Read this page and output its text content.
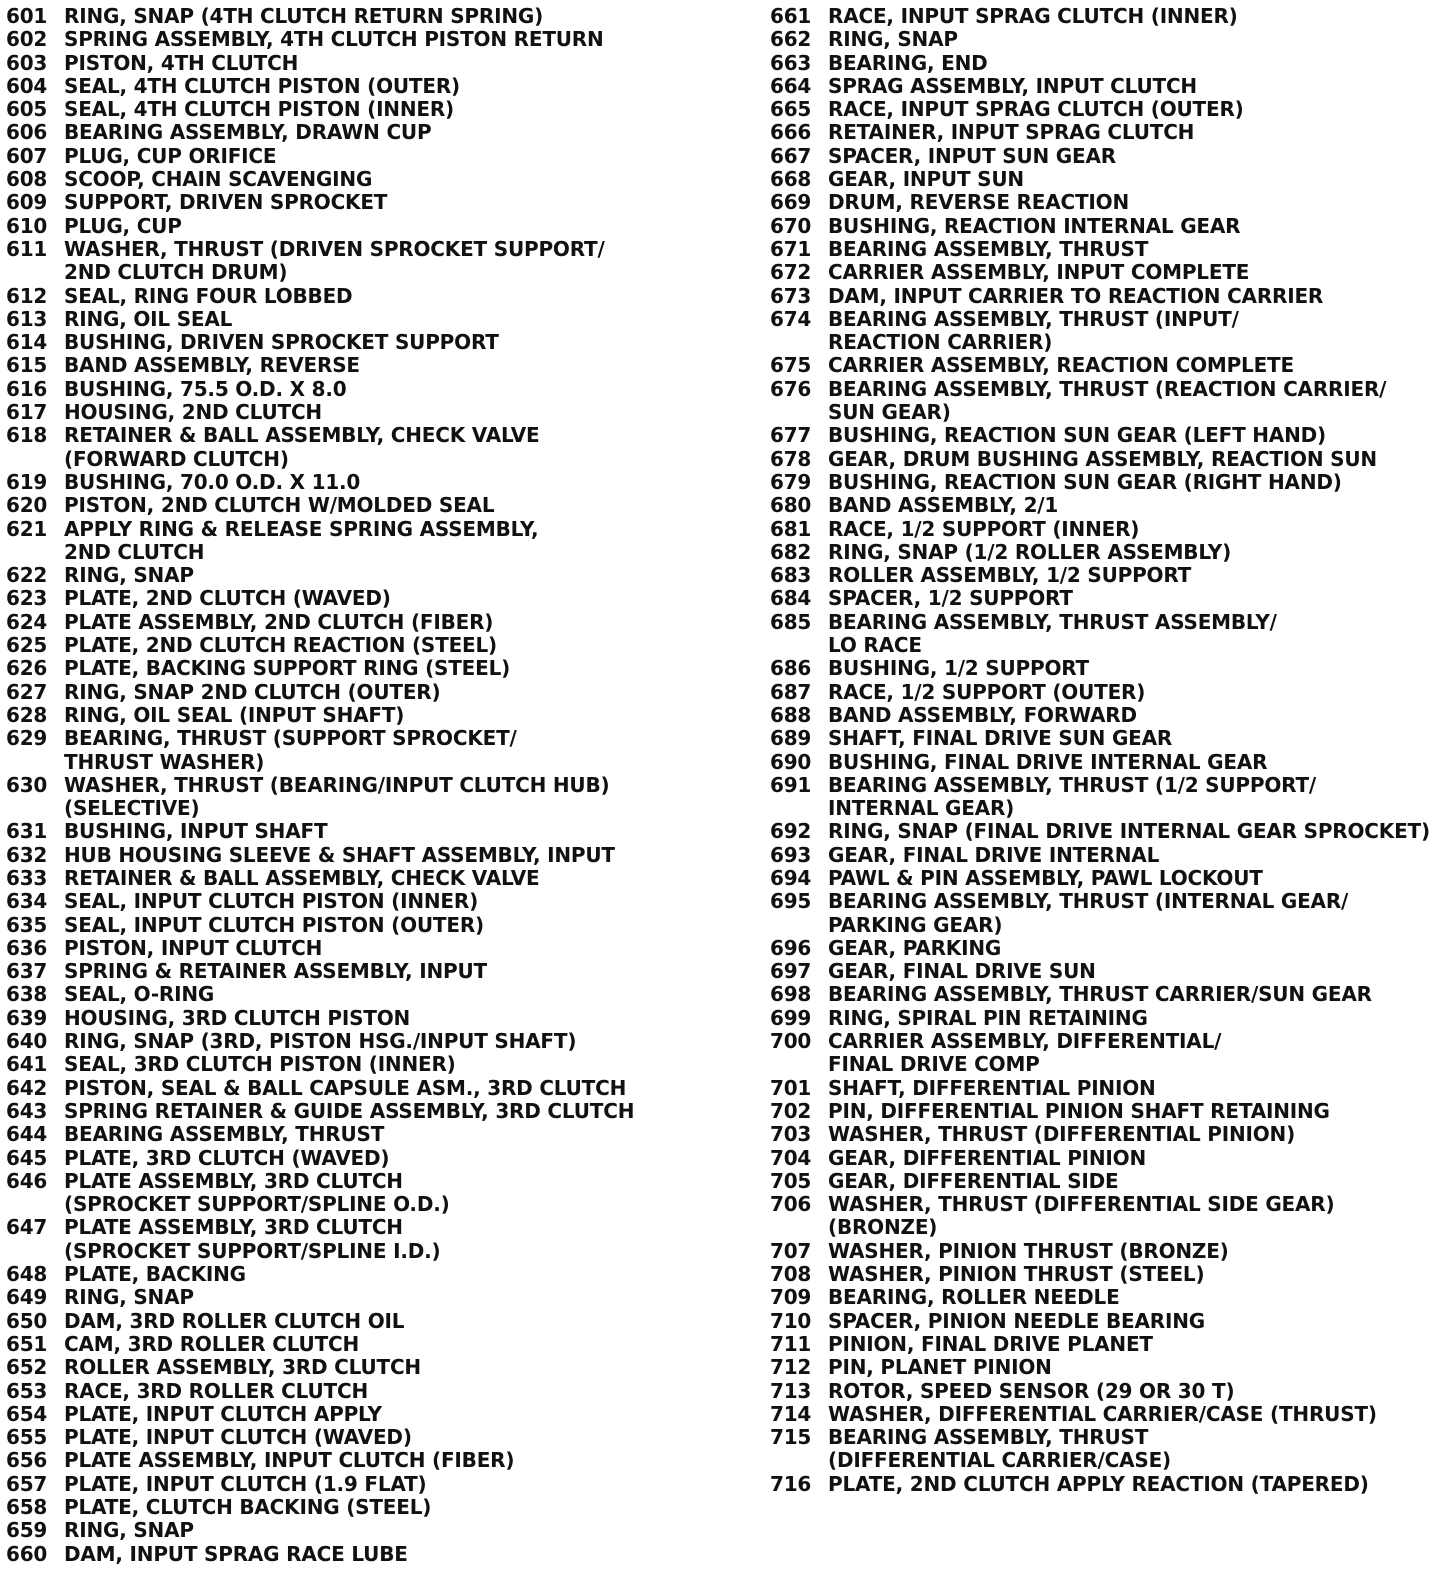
601 RING, SNAP (4TH CLUTCH RETURN SPRING)
602 SPRING ASSEMBLY, 4TH CLUTCH PISTON RETURN
603 PISTON, 4TH CLUTCH
604 SEAL, 4TH CLUTCH PISTON (OUTER)
605 SEAL, 4TH CLUTCH PISTON (INNER)
606 BEARING ASSEMBLY, DRAWN CUP
607 PLUG, CUP ORIFICE
608 SCOOP, CHAIN SCAVENGING
609 SUPPORT, DRIVEN SPROCKET
610 PLUG, CUP
611 WASHER, THRUST (DRIVEN SPROCKET SUPPORT/
2ND CLUTCH DRUM)
612 SEAL, RING FOUR LOBBED
613 RING, OIL SEAL
614 BUSHING, DRIVEN SPROCKET SUPPORT
615 BAND ASSEMBLY, REVERSE
616 BUSHING, 75.5 O.D. X 8.0
617 HOUSING, 2ND CLUTCH
618 RETAINER & BALL ASSEMBLY, CHECK VALVE
(FORWARD CLUTCH)
619 BUSHING, 70.0 O.D. X 11.0
620 PISTON, 2ND CLUTCH W/MOLDED SEAL
621 APPLY RING & RELEASE SPRING ASSEMBLY,
2ND CLUTCH
622 RING, SNAP
623 PLATE, 2ND CLUTCH (WAVED)
624 PLATE ASSEMBLY, 2ND CLUTCH (FIBER)
625 PLATE, 2ND CLUTCH REACTION (STEEL)
626 PLATE, BACKING SUPPORT RING (STEEL)
627 RING, SNAP 2ND CLUTCH (OUTER)
628 RING, OIL SEAL (INPUT SHAFT)
629 BEARING, THRUST (SUPPORT SPROCKET/
THRUST WASHER)
630 WASHER, THRUST (BEARING/INPUT CLUTCH HUB)
(SELECTIVE)
631 BUSHING, INPUT SHAFT
632 HUB HOUSING SLEEVE & SHAFT ASSEMBLY, INPUT
633 RETAINER & BALL ASSEMBLY, CHECK VALVE
634 SEAL, INPUT CLUTCH PISTON (INNER)
635 SEAL, INPUT CLUTCH PISTON (OUTER)
636 PISTON, INPUT CLUTCH
637 SPRING & RETAINER ASSEMBLY, INPUT
638 SEAL, O-RING
639 HOUSING, 3RD CLUTCH PISTON
640 RING, SNAP (3RD, PISTON HSG./INPUT SHAFT)
641 SEAL, 3RD CLUTCH PISTON (INNER)
642 PISTON, SEAL & BALL CAPSULE ASM., 3RD CLUTCH
643 SPRING RETAINER & GUIDE ASSEMBLY, 3RD CLUTCH
644 BEARING ASSEMBLY, THRUST
645 PLATE, 3RD CLUTCH (WAVED)
646 PLATE ASSEMBLY, 3RD CLUTCH
(SPROCKET SUPPORT/SPLINE O.D.)
647 PLATE ASSEMBLY, 3RD CLUTCH
(SPROCKET SUPPORT/SPLINE I.D.)
648 PLATE, BACKING
649 RING, SNAP
650 DAM, 3RD ROLLER CLUTCH OIL
651 CAM, 3RD ROLLER CLUTCH
652 ROLLER ASSEMBLY, 3RD CLUTCH
653 RACE, 3RD ROLLER CLUTCH
654 PLATE, INPUT CLUTCH APPLY
655 PLATE, INPUT CLUTCH (WAVED)
656 PLATE ASSEMBLY, INPUT CLUTCH (FIBER)
657 PLATE, INPUT CLUTCH (1.9 FLAT)
658 PLATE, CLUTCH BACKING (STEEL)
659 RING, SNAP
660 DAM, INPUT SPRAG RACE LUBE
661 RACE, INPUT SPRAG CLUTCH (INNER)
662 RING, SNAP
663 BEARING, END
664 SPRAG ASSEMBLY, INPUT CLUTCH
665 RACE, INPUT SPRAG CLUTCH (OUTER)
666 RETAINER, INPUT SPRAG CLUTCH
667 SPACER, INPUT SUN GEAR
668 GEAR, INPUT SUN
669 DRUM, REVERSE REACTION
670 BUSHING, REACTION INTERNAL GEAR
671 BEARING ASSEMBLY, THRUST
672 CARRIER ASSEMBLY, INPUT COMPLETE
673 DAM, INPUT CARRIER TO REACTION CARRIER
674 BEARING ASSEMBLY, THRUST (INPUT/
REACTION CARRIER)
675 CARRIER ASSEMBLY, REACTION COMPLETE
676 BEARING ASSEMBLY, THRUST (REACTION CARRIER/
SUN GEAR)
677 BUSHING, REACTION SUN GEAR (LEFT HAND)
678 GEAR, DRUM BUSHING ASSEMBLY, REACTION SUN
679 BUSHING, REACTION SUN GEAR (RIGHT HAND)
680 BAND ASSEMBLY, 2/1
681 RACE, 1/2 SUPPORT (INNER)
682 RING, SNAP (1/2 ROLLER ASSEMBLY)
683 ROLLER ASSEMBLY, 1/2 SUPPORT
684 SPACER, 1/2 SUPPORT
685 BEARING ASSEMBLY, THRUST ASSEMBLY/
LO RACE
686 BUSHING, 1/2 SUPPORT
687 RACE, 1/2 SUPPORT (OUTER)
688 BAND ASSEMBLY, FORWARD
689 SHAFT, FINAL DRIVE SUN GEAR
690 BUSHING, FINAL DRIVE INTERNAL GEAR
691 BEARING ASSEMBLY, THRUST (1/2 SUPPORT/
INTERNAL GEAR)
692 RING, SNAP (FINAL DRIVE INTERNAL GEAR SPROCKET)
693 GEAR, FINAL DRIVE INTERNAL
694 PAWL & PIN ASSEMBLY, PAWL LOCKOUT
695 BEARING ASSEMBLY, THRUST (INTERNAL GEAR/
PARKING GEAR)
696 GEAR, PARKING
697 GEAR, FINAL DRIVE SUN
698 BEARING ASSEMBLY, THRUST CARRIER/SUN GEAR
699 RING, SPIRAL PIN RETAINING
700 CARRIER ASSEMBLY, DIFFERENTIAL/
FINAL DRIVE COMP
701 SHAFT, DIFFERENTIAL PINION
702 PIN, DIFFERENTIAL PINION SHAFT RETAINING
703 WASHER, THRUST (DIFFERENTIAL PINION)
704 GEAR, DIFFERENTIAL PINION
705 GEAR, DIFFERENTIAL SIDE
706 WASHER, THRUST (DIFFERENTIAL SIDE GEAR)
(BRONZE)
707 WASHER, PINION THRUST (BRONZE)
708 WASHER, PINION THRUST (STEEL)
709 BEARING, ROLLER NEEDLE
710 SPACER, PINION NEEDLE BEARING
711 PINION, FINAL DRIVE PLANET
712 PIN, PLANET PINION
713 ROTOR, SPEED SENSOR (29 OR 30 T)
714 WASHER, DIFFERENTIAL CARRIER/CASE (THRUST)
715 BEARING ASSEMBLY, THRUST
(DIFFERENTIAL CARRIER/CASE)
716 PLATE, 2ND CLUTCH APPLY REACTION (TAPERED)
